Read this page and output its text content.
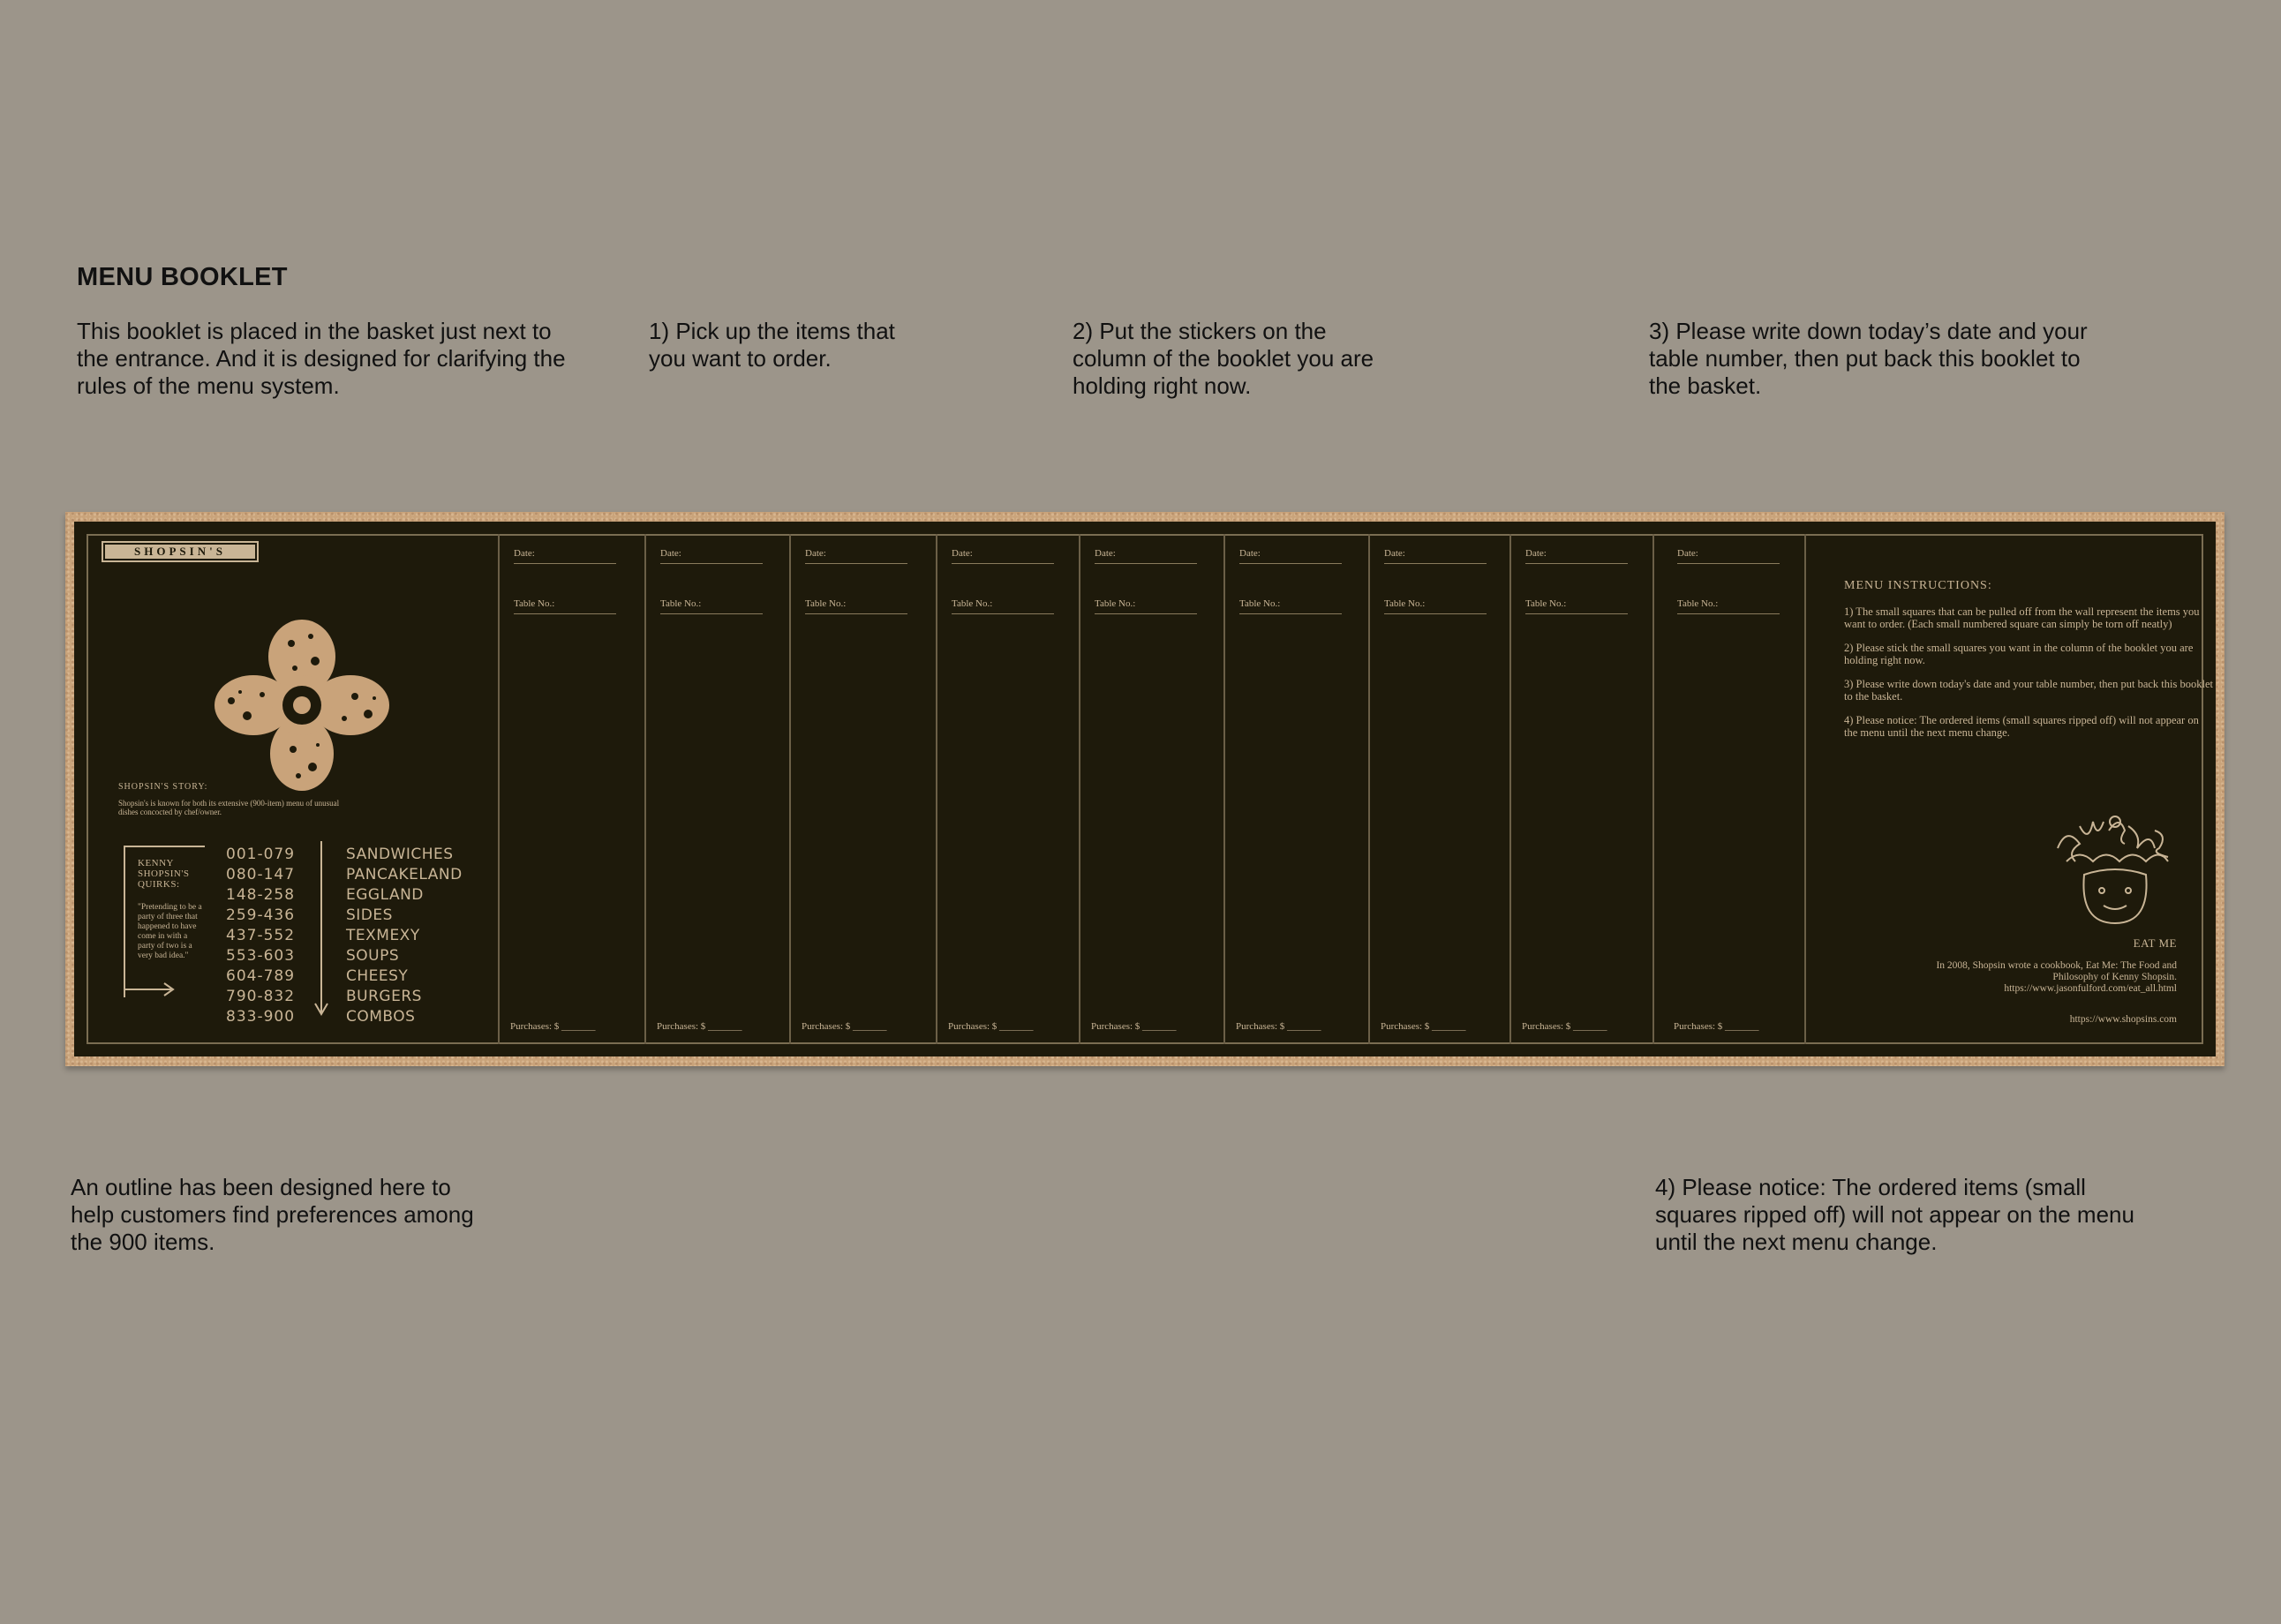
MENU BOOKLET
This booklet is placed in the basket just next to the entrance. And it is designed for clarifying the rules of the menu system.
1) Pick up the items that you want to order.
2) Put the stickers on the column of the booklet you are holding right now.
3) Please write down today’s date and your table number, then put back this booklet to the basket.
An outline has been designed here to help customers find preferences among the 900 items.
4) Please notice: The ordered items (small squares ripped off) will not appear on the menu until the next menu change.
SHOPSIN'S
SHOPSIN'S STORY:
Shopsin's is known for both its extensive (900-item) menu of unusual dishes concocted by chef/owner.
KENNY SHOPSIN'S QUIRKS:
"Pretending to be a party of three that happened to have come in with a party of two is a very bad idea."
001-079
080-147
148-258
259-436
437-552
553-603
604-789
790-832
833-900
SANDWICHES
PANCAKELAND
EGGLAND
SIDES
TEXMEXY
SOUPS
CHEESY
BURGERS
COMBOS
Date:
Table No.:
Purchases: $ _______
Date:
Table No.:
Purchases: $ _______
Date:
Table No.:
Purchases: $ _______
Date:
Table No.:
Purchases: $ _______
Date:
Table No.:
Purchases: $ _______
Date:
Table No.:
Purchases: $ _______
Date:
Table No.:
Purchases: $ _______
Date:
Table No.:
Purchases: $ _______
Date:
Table No.:
Purchases: $ _______
MENU INSTRUCTIONS:

1) The small squares that can be pulled off from the wall represent the items you want to order. (Each small numbered square can simply be torn off neatly)

2) Please stick the small squares you want in the column of the booklet you are holding right now.

3) Please write down today's date and your table number, then put back this booklet to the basket.

4) Please notice: The ordered items (small squares ripped off) will not appear on the menu until the next menu change.

EAT ME
In 2008, Shopsin wrote a cookbook, Eat Me: The Food and Philosophy of Kenny Shopsin. https://www.jasonfulford.com/eat_all.html
https://www.shopsins.com
